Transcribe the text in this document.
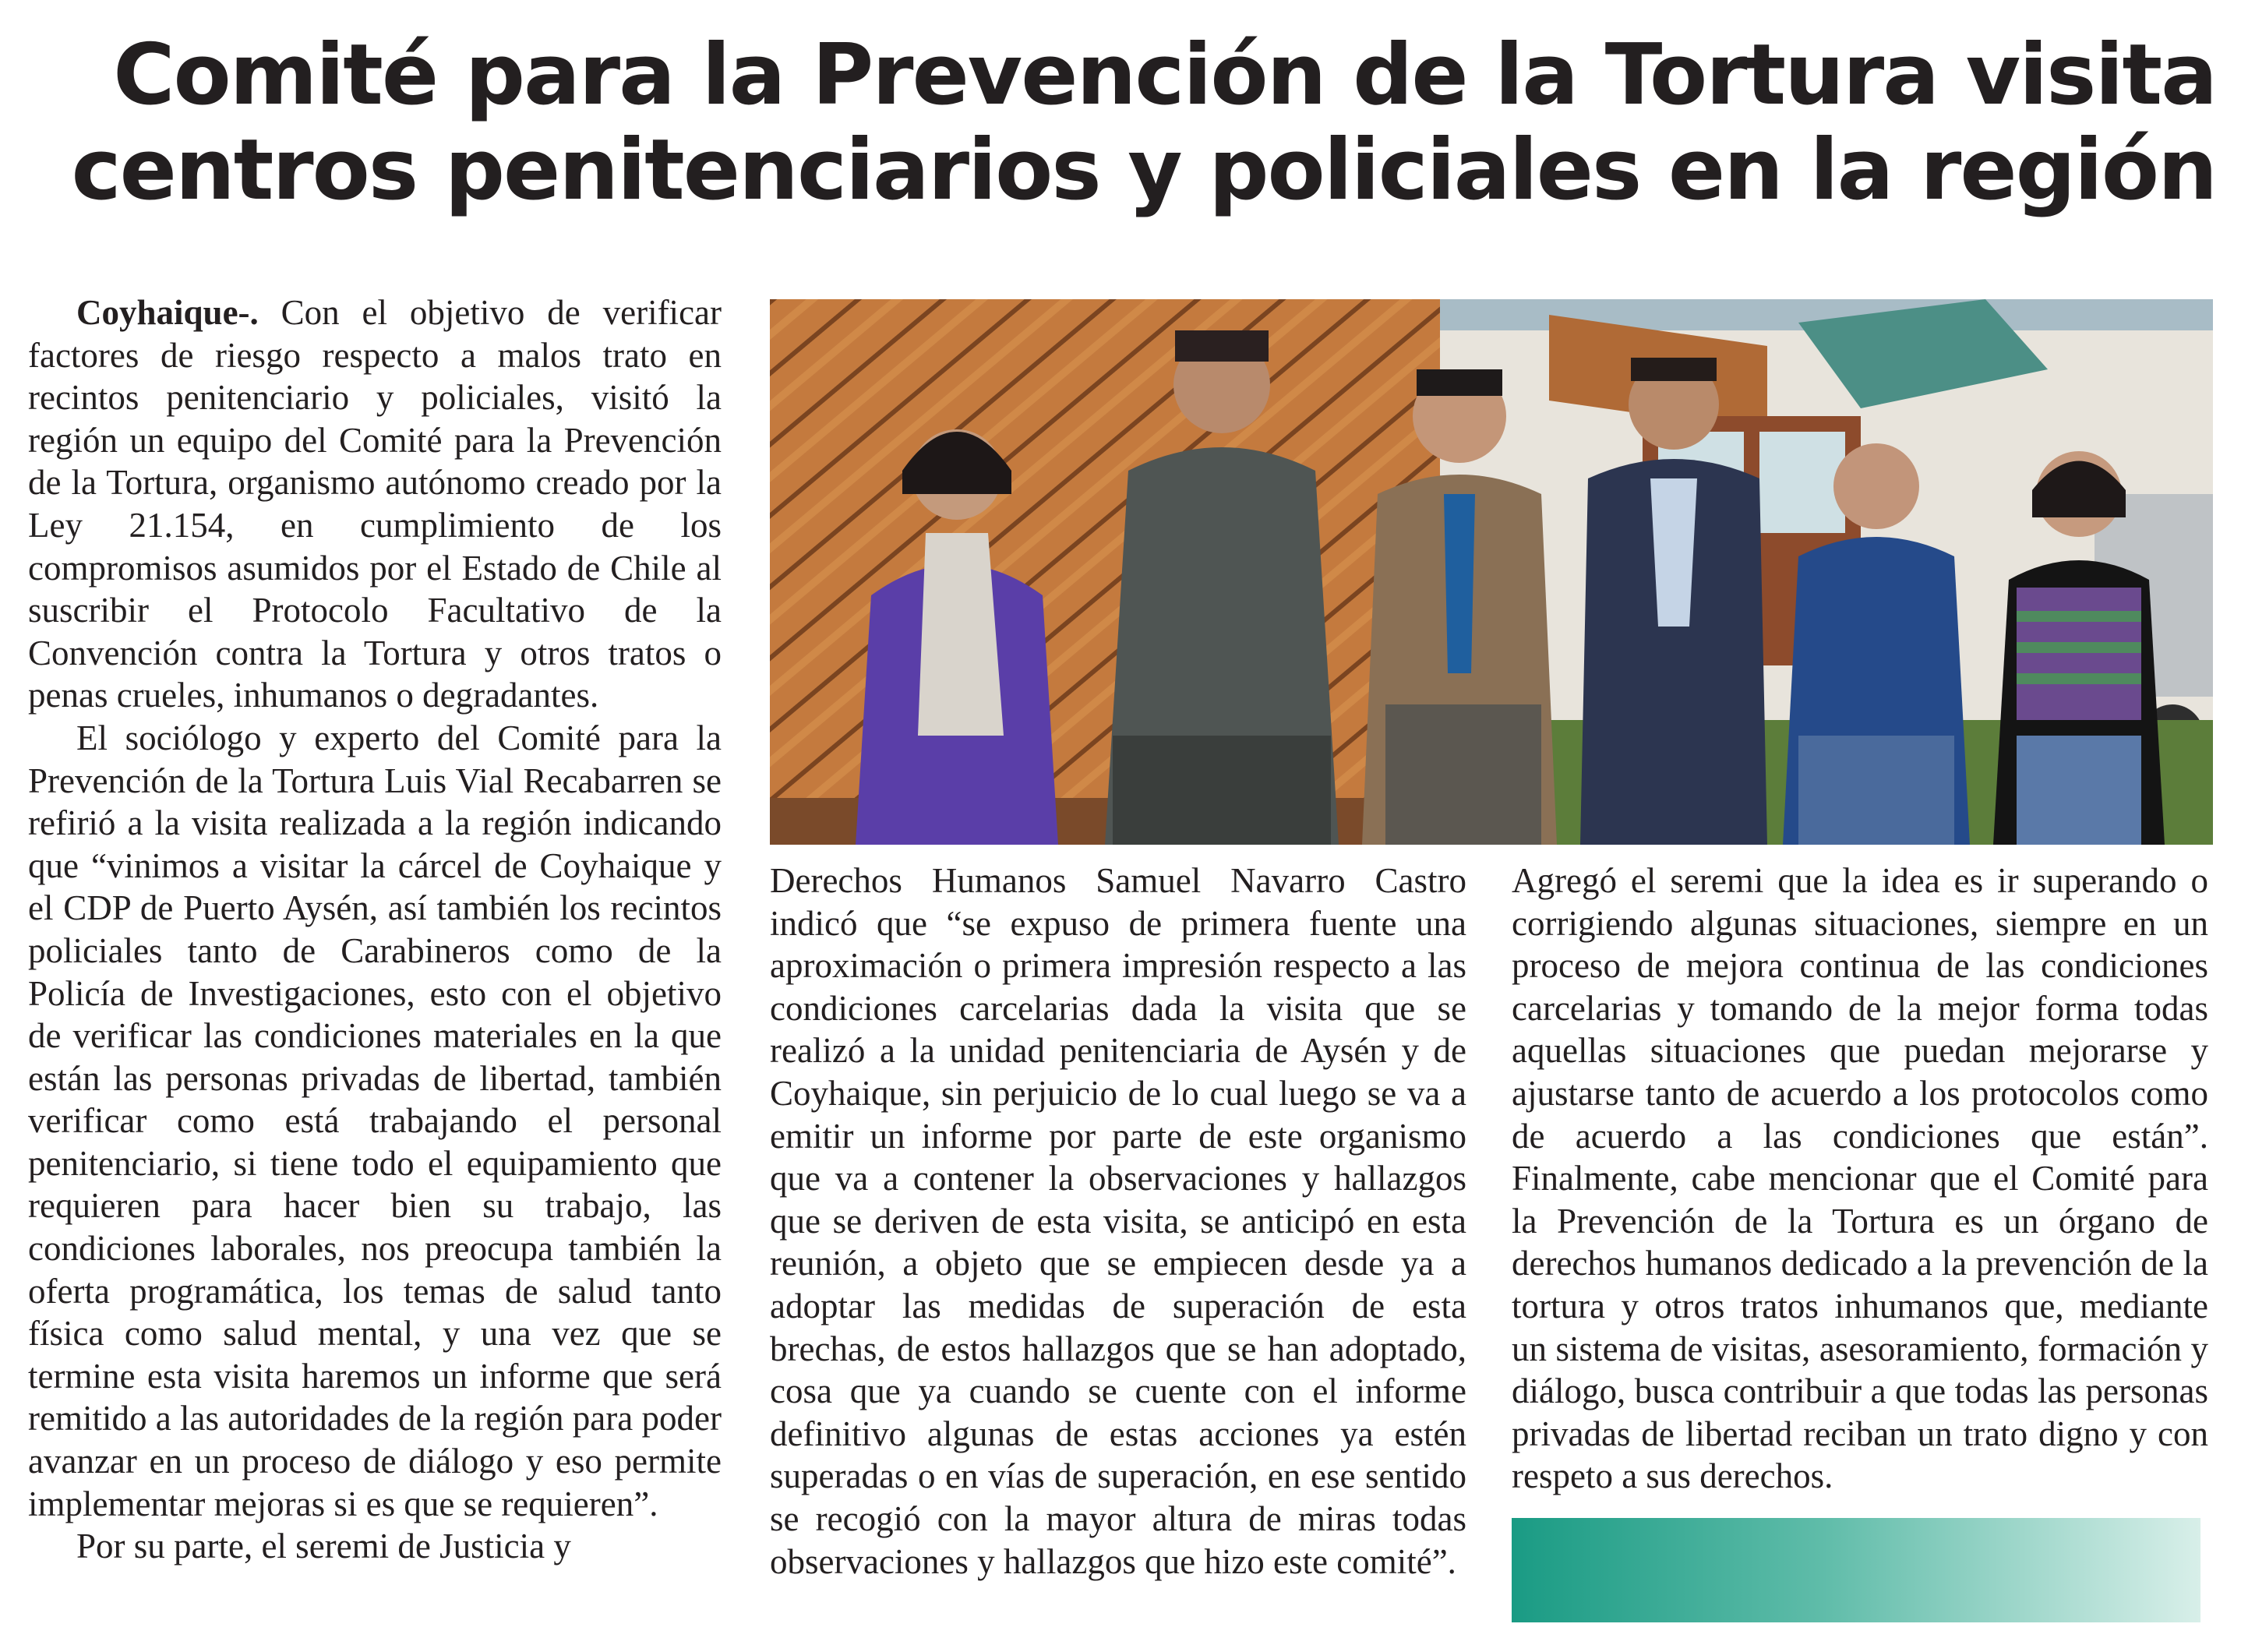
Comité para la Prevención de la Tortura visita
centros penitenciarios y policiales en la región

Coyhaique-. Con el objetivo de verificar factores de riesgo respecto a malos trato en recintos penitenciario y policiales, visitó la región un equipo del Comité para la Prevención de la Tortura, organismo autónomo creado por la Ley 21.154, en cumplimiento de los compromisos asumidos por el Estado de Chile al suscribir el Protocolo Facultativo de la Convención contra la Tortura y otros tratos o penas crueles, inhumanos o degradantes.

El sociólogo y experto del Comité para la Prevención de la Tortura Luis Vial Recabarren se refirió a la visita realizada a la región indicando que “vinimos a visitar la cárcel de Coyhaique y el CDP de Puerto Aysén, así también los recintos policiales tanto de Carabineros como de la Policía de Investigaciones, esto con el objetivo de verificar las condiciones materiales en la que están las personas privadas de libertad, también verificar como está trabajando el personal penitenciario, si tiene todo el equipamiento que requieren para hacer bien su trabajo, las condiciones laborales, nos preocupa también la oferta programática, los temas de salud tanto física como salud mental, y una vez que se termine esta visita haremos un informe que será remitido a las autoridades de la región para poder avanzar en un proceso de diálogo y eso permite implementar mejoras si es que se requieren”.

Por su parte, el seremi de Justicia y

Derechos Humanos Samuel Navarro Castro indicó que “se expuso de primera fuente una aproximación o primera impresión respecto a las condiciones carcelarias dada la visita que se realizó a la unidad penitenciaria de Aysén y de Coyhaique, sin perjuicio de lo cual luego se va a emitir un informe por parte de este organismo que va a contener la observaciones y hallazgos que se deriven de esta visita, se anticipó en esta reunión, a objeto que se empiecen desde ya a adoptar las medidas de superación de esta brechas, de estos hallazgos que se han adoptado, cosa que ya cuando se cuente con el informe definitivo algunas de estas acciones ya estén superadas o en vías de superación, en ese sentido se recogió con la mayor altura de miras todas observaciones y hallazgos que hizo este comité”.

Agregó el seremi que la idea es ir superando o corrigiendo algunas situaciones, siempre en un proceso de mejora continua de las condiciones carcelarias y tomando de la mejor forma todas aquellas situaciones que puedan mejorarse y ajustarse tanto de acuerdo a los protocolos como de acuerdo a las condiciones que están”. Finalmente, cabe mencionar que el Comité para la Prevención de la Tortura es un órgano de derechos humanos dedicado a la prevención de la tortura y otros tratos inhumanos que, mediante un sistema de visitas, asesoramiento, formación y diálogo, busca contribuir a que todas las personas privadas de libertad reciban un trato digno y con respeto a sus derechos.
